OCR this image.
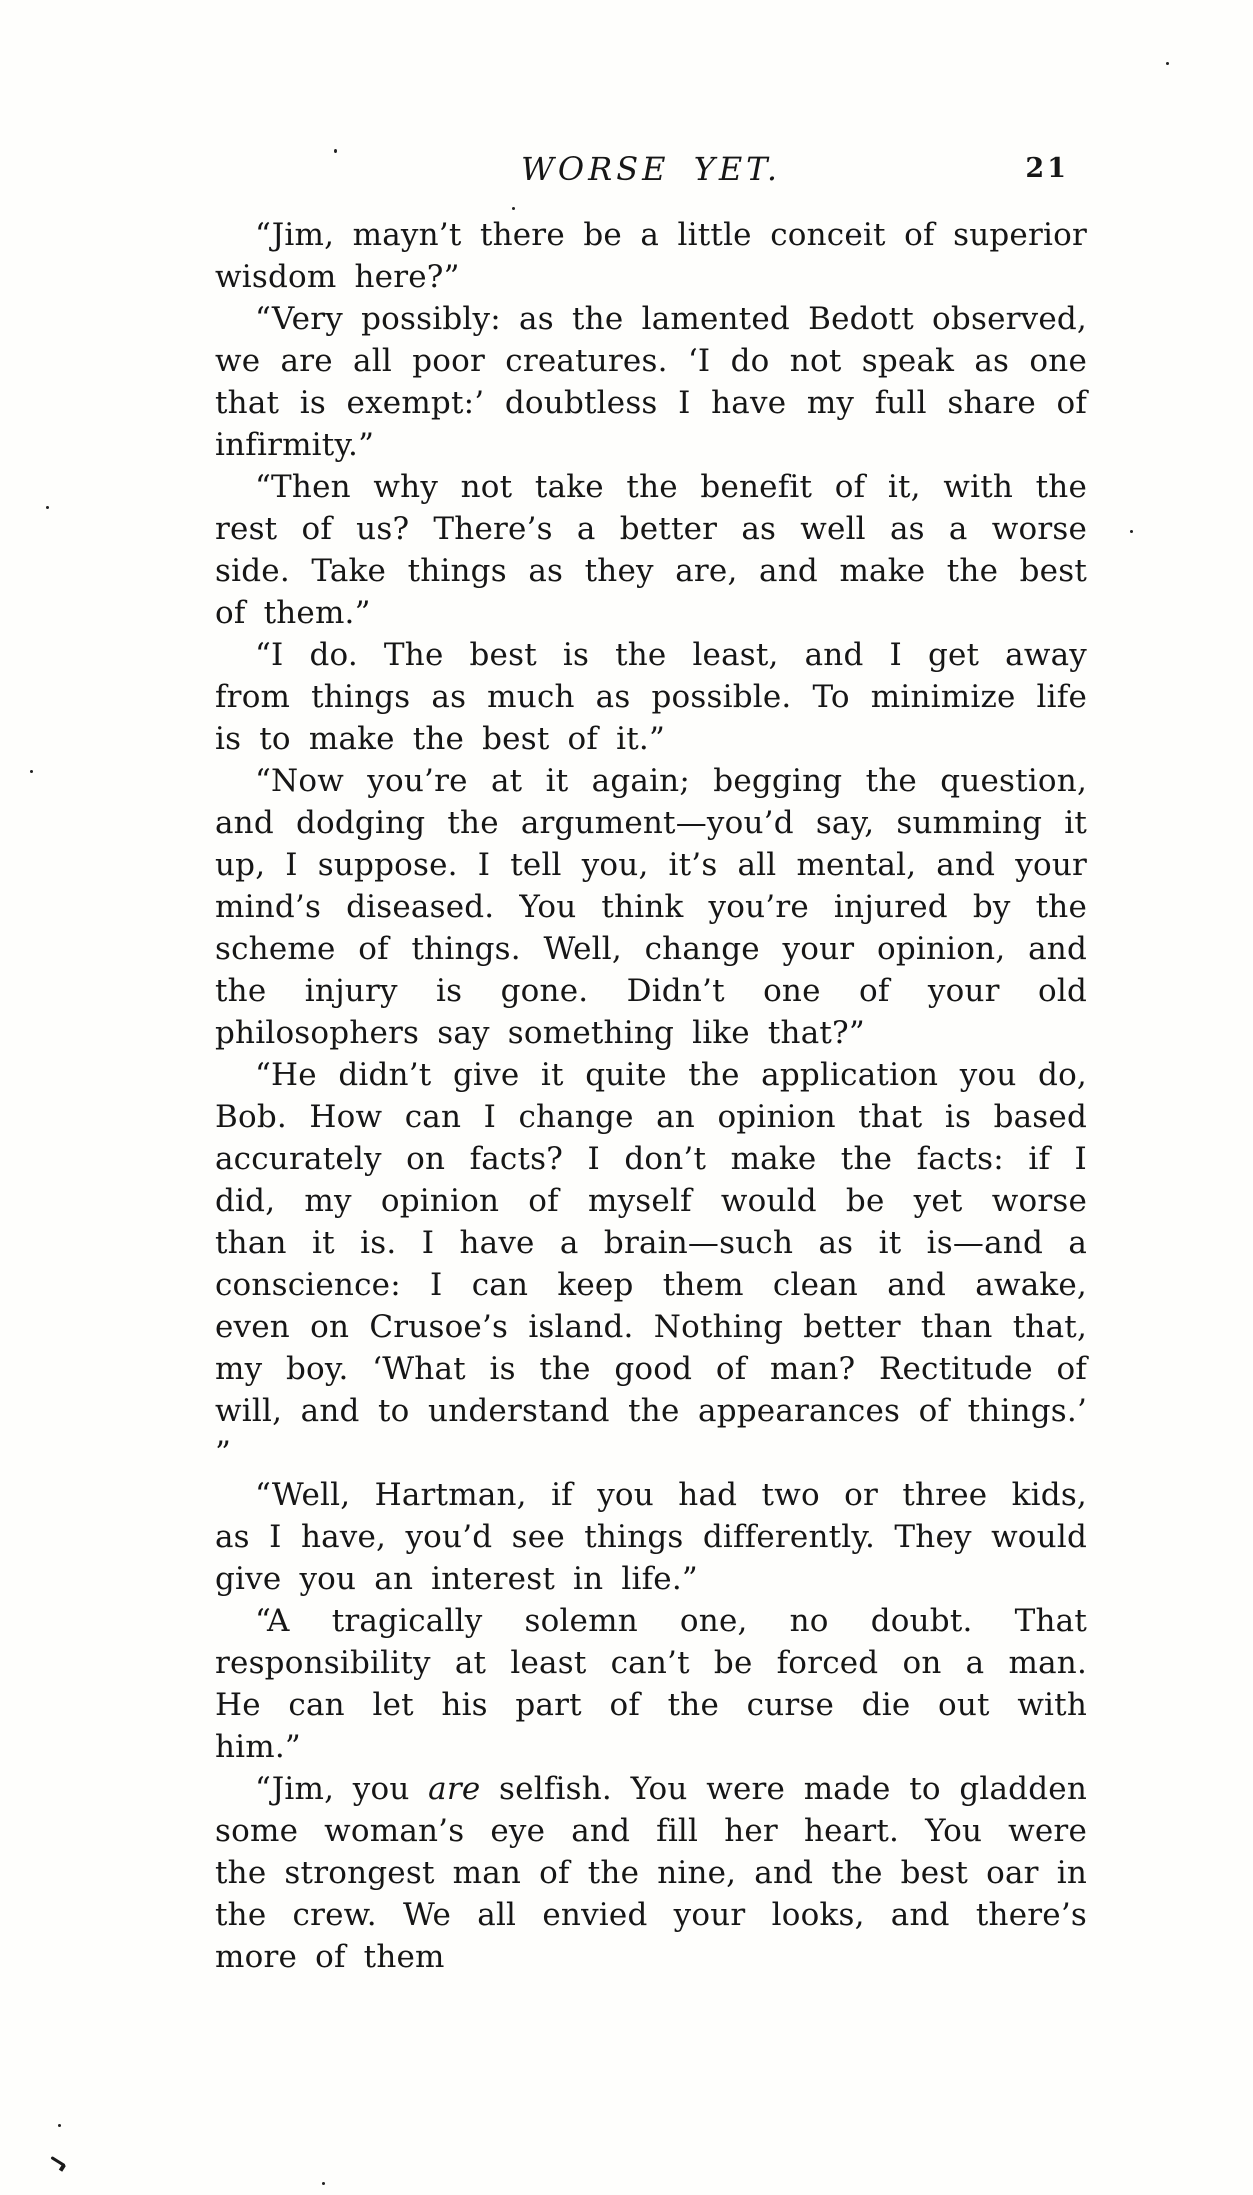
WORSE YET.	21

“Jim, mayn’t there be a little conceit of superior wisdom here?”

“Very possibly: as the lamented Bedott observed, we are all poor creatures. ‘I do not speak as one that is exempt:’ doubtless I have my full share of infirmity.”

“Then why not take the benefit of it, with the rest of us? There’s a better as well as a worse side. Take things as they are, and make the best of them.”

“I do. The best is the least, and I get away from things as much as possible. To minimize life is to make the best of it.”

“Now you’re at it again; begging the question, and dodging the argument—you’d say, summing it up, I suppose. I tell you, it’s all mental, and your mind’s diseased. You think you’re injured by the scheme of things. Well, change your opinion, and the injury is gone. Didn’t one of your old philosophers say something like that?”

“He didn’t give it quite the application you do, Bob. How can I change an opinion that is based accurately on facts? I don’t make the facts: if I did, my opinion of myself would be yet worse than it is. I have a brain—such as it is—and a conscience: I can keep them clean and awake, even on Crusoe’s island. Nothing better than that, my boy. ‘What is the good of man? Rectitude of will, and to understand the appearances of things.’ ”

“Well, Hartman, if you had two or three kids, as I have, you’d see things differently. They would give you an interest in life.”

“A tragically solemn one, no doubt. That responsibility at least can’t be forced on a man. He can let his part of the curse die out with him.”

“Jim, you are selfish. You were made to gladden some woman’s eye and fill her heart. You were the strongest man of the nine, and the best oar in the crew. We all envied your looks, and there’s more of them
